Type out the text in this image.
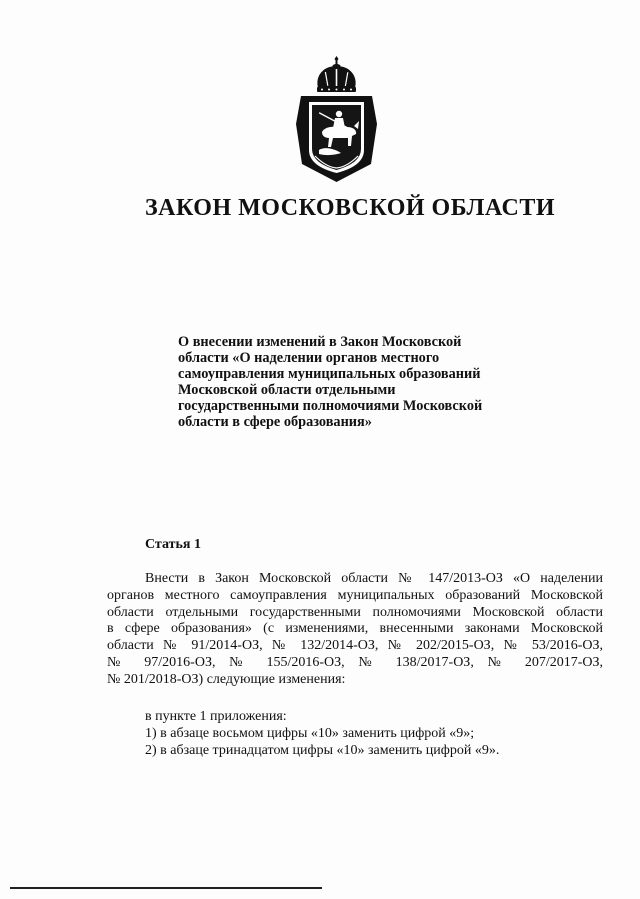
ЗАКОН МОСКОВСКОЙ ОБЛАСТИ
О внесении изменений в Закон Московской
области «О наделении органов местного
самоуправления муниципальных образований
Московской области отдельными
государственными полномочиями Московской
области в сфере образования»
Статья 1
Внести в Закон Московской области № 147/2013-ОЗ «О наделении
органов местного самоуправления муниципальных образований Московской
области отдельными государственными полномочиями Московской области
в сфере образования» (с изменениями, внесенными законами Московской
области № 91/2014-ОЗ, № 132/2014-ОЗ, № 202/2015-ОЗ, № 53/2016-ОЗ,
№ 97/2016-ОЗ, № 155/2016-ОЗ, № 138/2017-ОЗ, № 207/2017-ОЗ,
№ 201/2018-ОЗ) следующие изменения:
в пункте 1 приложения:
1) в абзаце восьмом цифры «10» заменить цифрой «9»;
2) в абзаце тринадцатом цифры «10» заменить цифрой «9».
